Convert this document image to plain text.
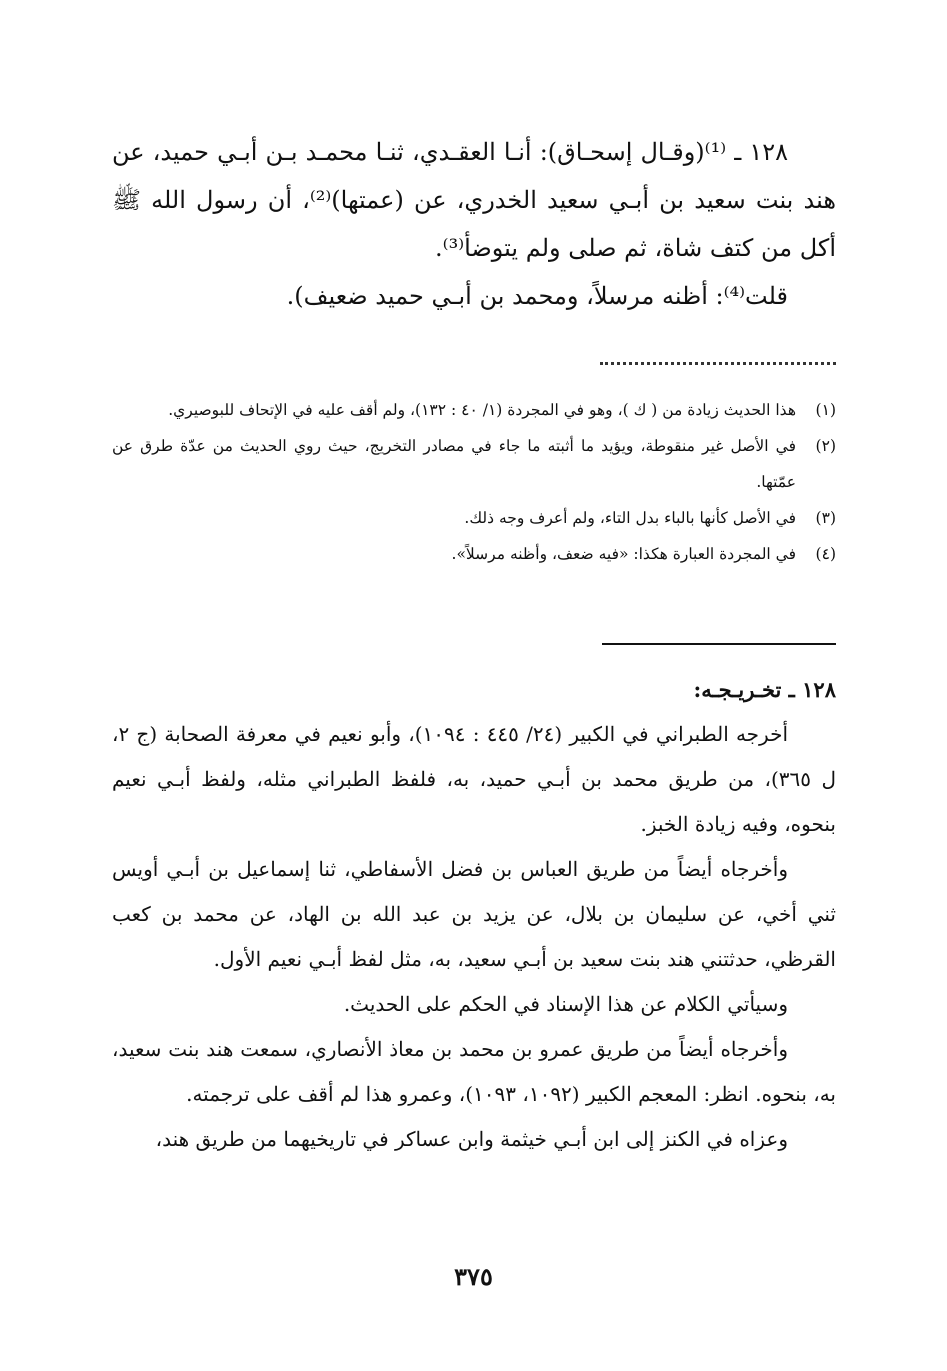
١٢٨ ـ ⁽¹⁾(وقـال إسحـاق): أنـا العقـدي، ثنـا محمـد بـن أبـي حميد، عن هند بنت سعيد بن أبـي سعيد الخدري، عن (عمتها)⁽²⁾، أن رسول الله ﷺ أكل من كتف شاة، ثم صلى ولم يتوضأ⁽³⁾.

قلت⁽⁴⁾: أظنه مرسلاً، ومحمد بن أبـي حميد ضعيف).

(١)
هذا الحديث زيادة من ( ك )، وهو في المجردة (١/ ٤٠ : ١٣٢)، ولم أقف عليه في الإتحاف للبوصيري.
(٢)
في الأصل غير منقوطة، ويؤيد ما أثبته ما جاء في مصادر التخريج، حيث روي الحديث من عدّة طرق عن عمّتها.
(٣)
في الأصل كأنها بالباء بدل التاء، ولم أعرف وجه ذلك.
(٤)
في المجردة العبارة هكذا: «فيه ضعف، وأظنه مرسلاً».
١٢٨ ـ تخـريـجـه:

أخرجه الطبراني في الكبير (٢٤/ ٤٤٥ : ١٠٩٤)، وأبو نعيم في معرفة الصحابة (ج ٢، ل ٣٦٥)، من طريق محمد بن أبـي حميد، به، فلفظ الطبراني مثله، ولفظ أبـي نعيم بنحوه، وفيه زيادة الخبز.

وأخرجاه أيضاً من طريق العباس بن فضل الأسفاطي، ثنا إسماعيل بن أبـي أويس ثني أخي، عن سليمان بن بلال، عن يزيد بن عبد الله بن الهاد، عن محمد بن كعب القرظي، حدثتني هند بنت سعيد بن أبـي سعيد، به، مثل لفظ أبـي نعيم الأول.

وسيأتي الكلام عن هذا الإسناد في الحكم على الحديث.

وأخرجاه أيضاً من طريق عمرو بن محمد بن معاذ الأنصاري، سمعت هند بنت سعيد، به، بنحوه. انظر: المعجم الكبير (١٠٩٢، ١٠٩٣)، وعمرو هذا لم أقف على ترجمته.

وعزاه في الكنز إلى ابن أبـي خيثمة وابن عساكر في تاريخيهما من طريق هند،

٣٧٥
